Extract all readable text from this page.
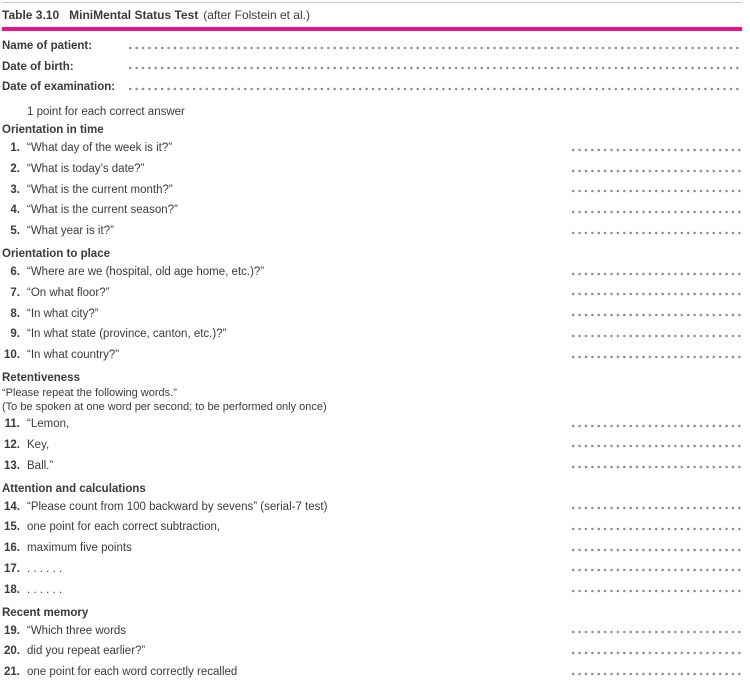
Table 3.10 MiniMental Status Test (after Folstein et al.)
Name of patient:
Date of birth:
Date of examination:
1 point for each correct answer
Orientation in time
1. “What day of the week is it?”
2. “What is today’s date?”
3. “What is the current month?”
4. “What is the current season?”
5. “What year is it?”
Orientation to place
6. “Where are we (hospital, old age home, etc.)?”
7. “On what floor?”
8. “In what city?”
9. “In what state (province, canton, etc.)?”
10. “In what country?”
Retentiveness
“Please repeat the following words.”
(To be spoken at one word per second; to be performed only once)
11. “Lemon,
12. Key,
13. Ball.”
Attention and calculations
14. “Please count from 100 backward by sevens” (serial-7 test)
15. one point for each correct subtraction,
16. maximum five points
17. . . . . . .
18. . . . . . .
Recent memory
19. “Which three words
20. did you repeat earlier?”
21. one point for each word correctly recalled
